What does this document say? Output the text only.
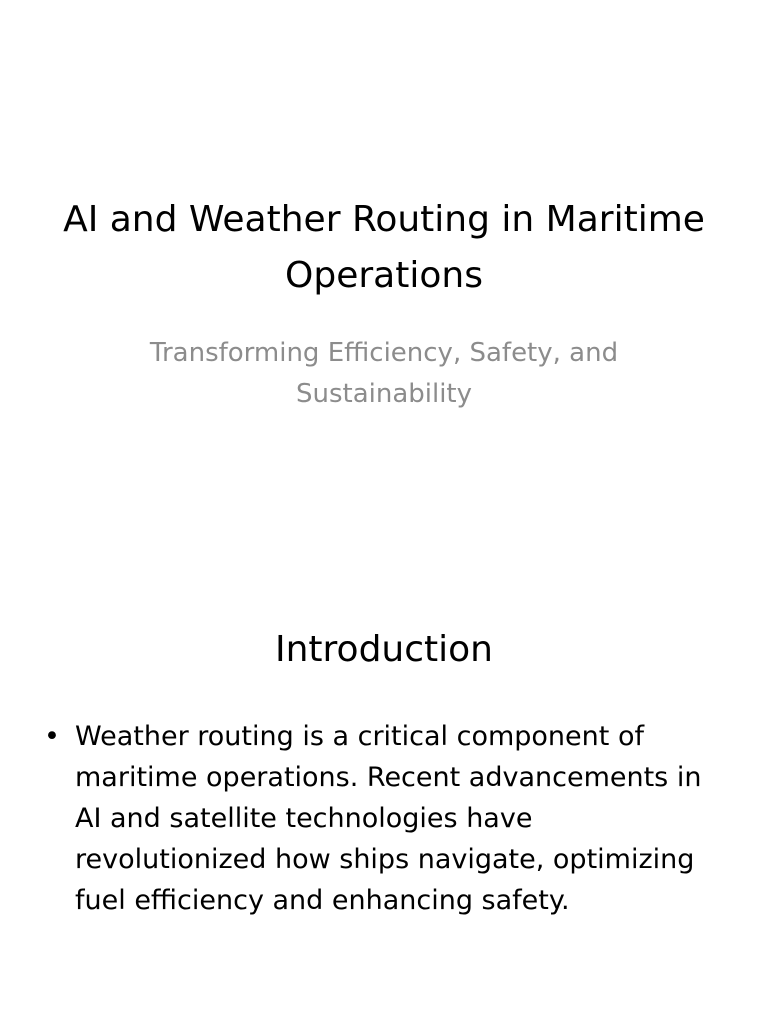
AI and Weather Routing in Maritime Operations
Transforming Efficiency, Safety, and Sustainability
Introduction
• Weather routing is a critical component of maritime operations. Recent advancements in AI and satellite technologies have revolutionized how ships navigate, optimizing fuel efficiency and enhancing safety.
